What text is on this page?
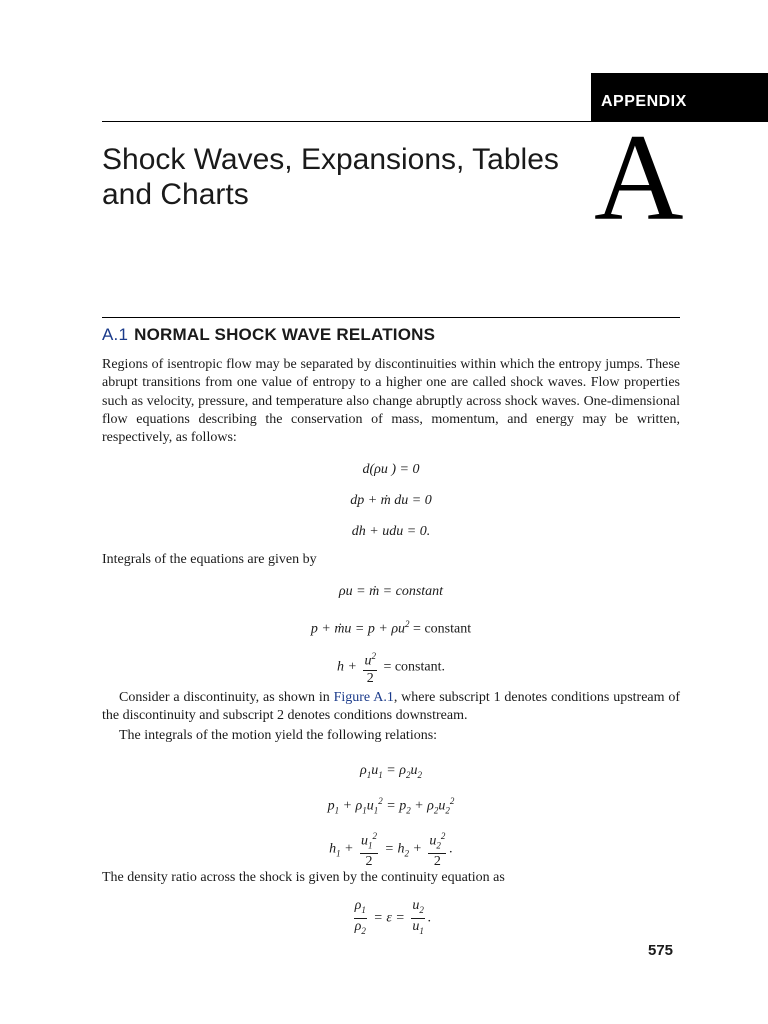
APPENDIX
Shock Waves, Expansions, Tables and Charts	A
A.1 NORMAL SHOCK WAVE RELATIONS
Regions of isentropic flow may be separated by discontinuities within which the entropy jumps. These abrupt transitions from one value of entropy to a higher one are called shock waves. Flow properties such as velocity, pressure, and temperature also change abruptly across shock waves. One-dimensional flow equations describing the conservation of mass, momentum, and energy may be written, respectively, as follows:
d(ρu ) = 0
dp + ṁ du = 0
dh + udu = 0.
Integrals of the equations are given by
ρu = ṁ = constant
p + ṁu = $p + \rho u^2$ = constant
$h + \frac{u^2}{2}$ = constant.
Consider a discontinuity, as shown in Figure A.1, where subscript 1 denotes conditions upstream of the discontinuity and subscript 2 denotes conditions downstream.
The integrals of the motion yield the following relations:
$\rho_1u_1 = \rho_2u_2$
$p_1 + \rho_1u_1^2 = p_2 + \rho_2u_2^2$
$h_1 + \frac{u_1^2}{2} = h_2 + \frac{u_2^2}{2}$ .
The density ratio across the shock is given by the continuity equation as
$\frac{\rho_1}{\rho_2} = \varepsilon = \frac{u_2}{u_1}$ .
575
